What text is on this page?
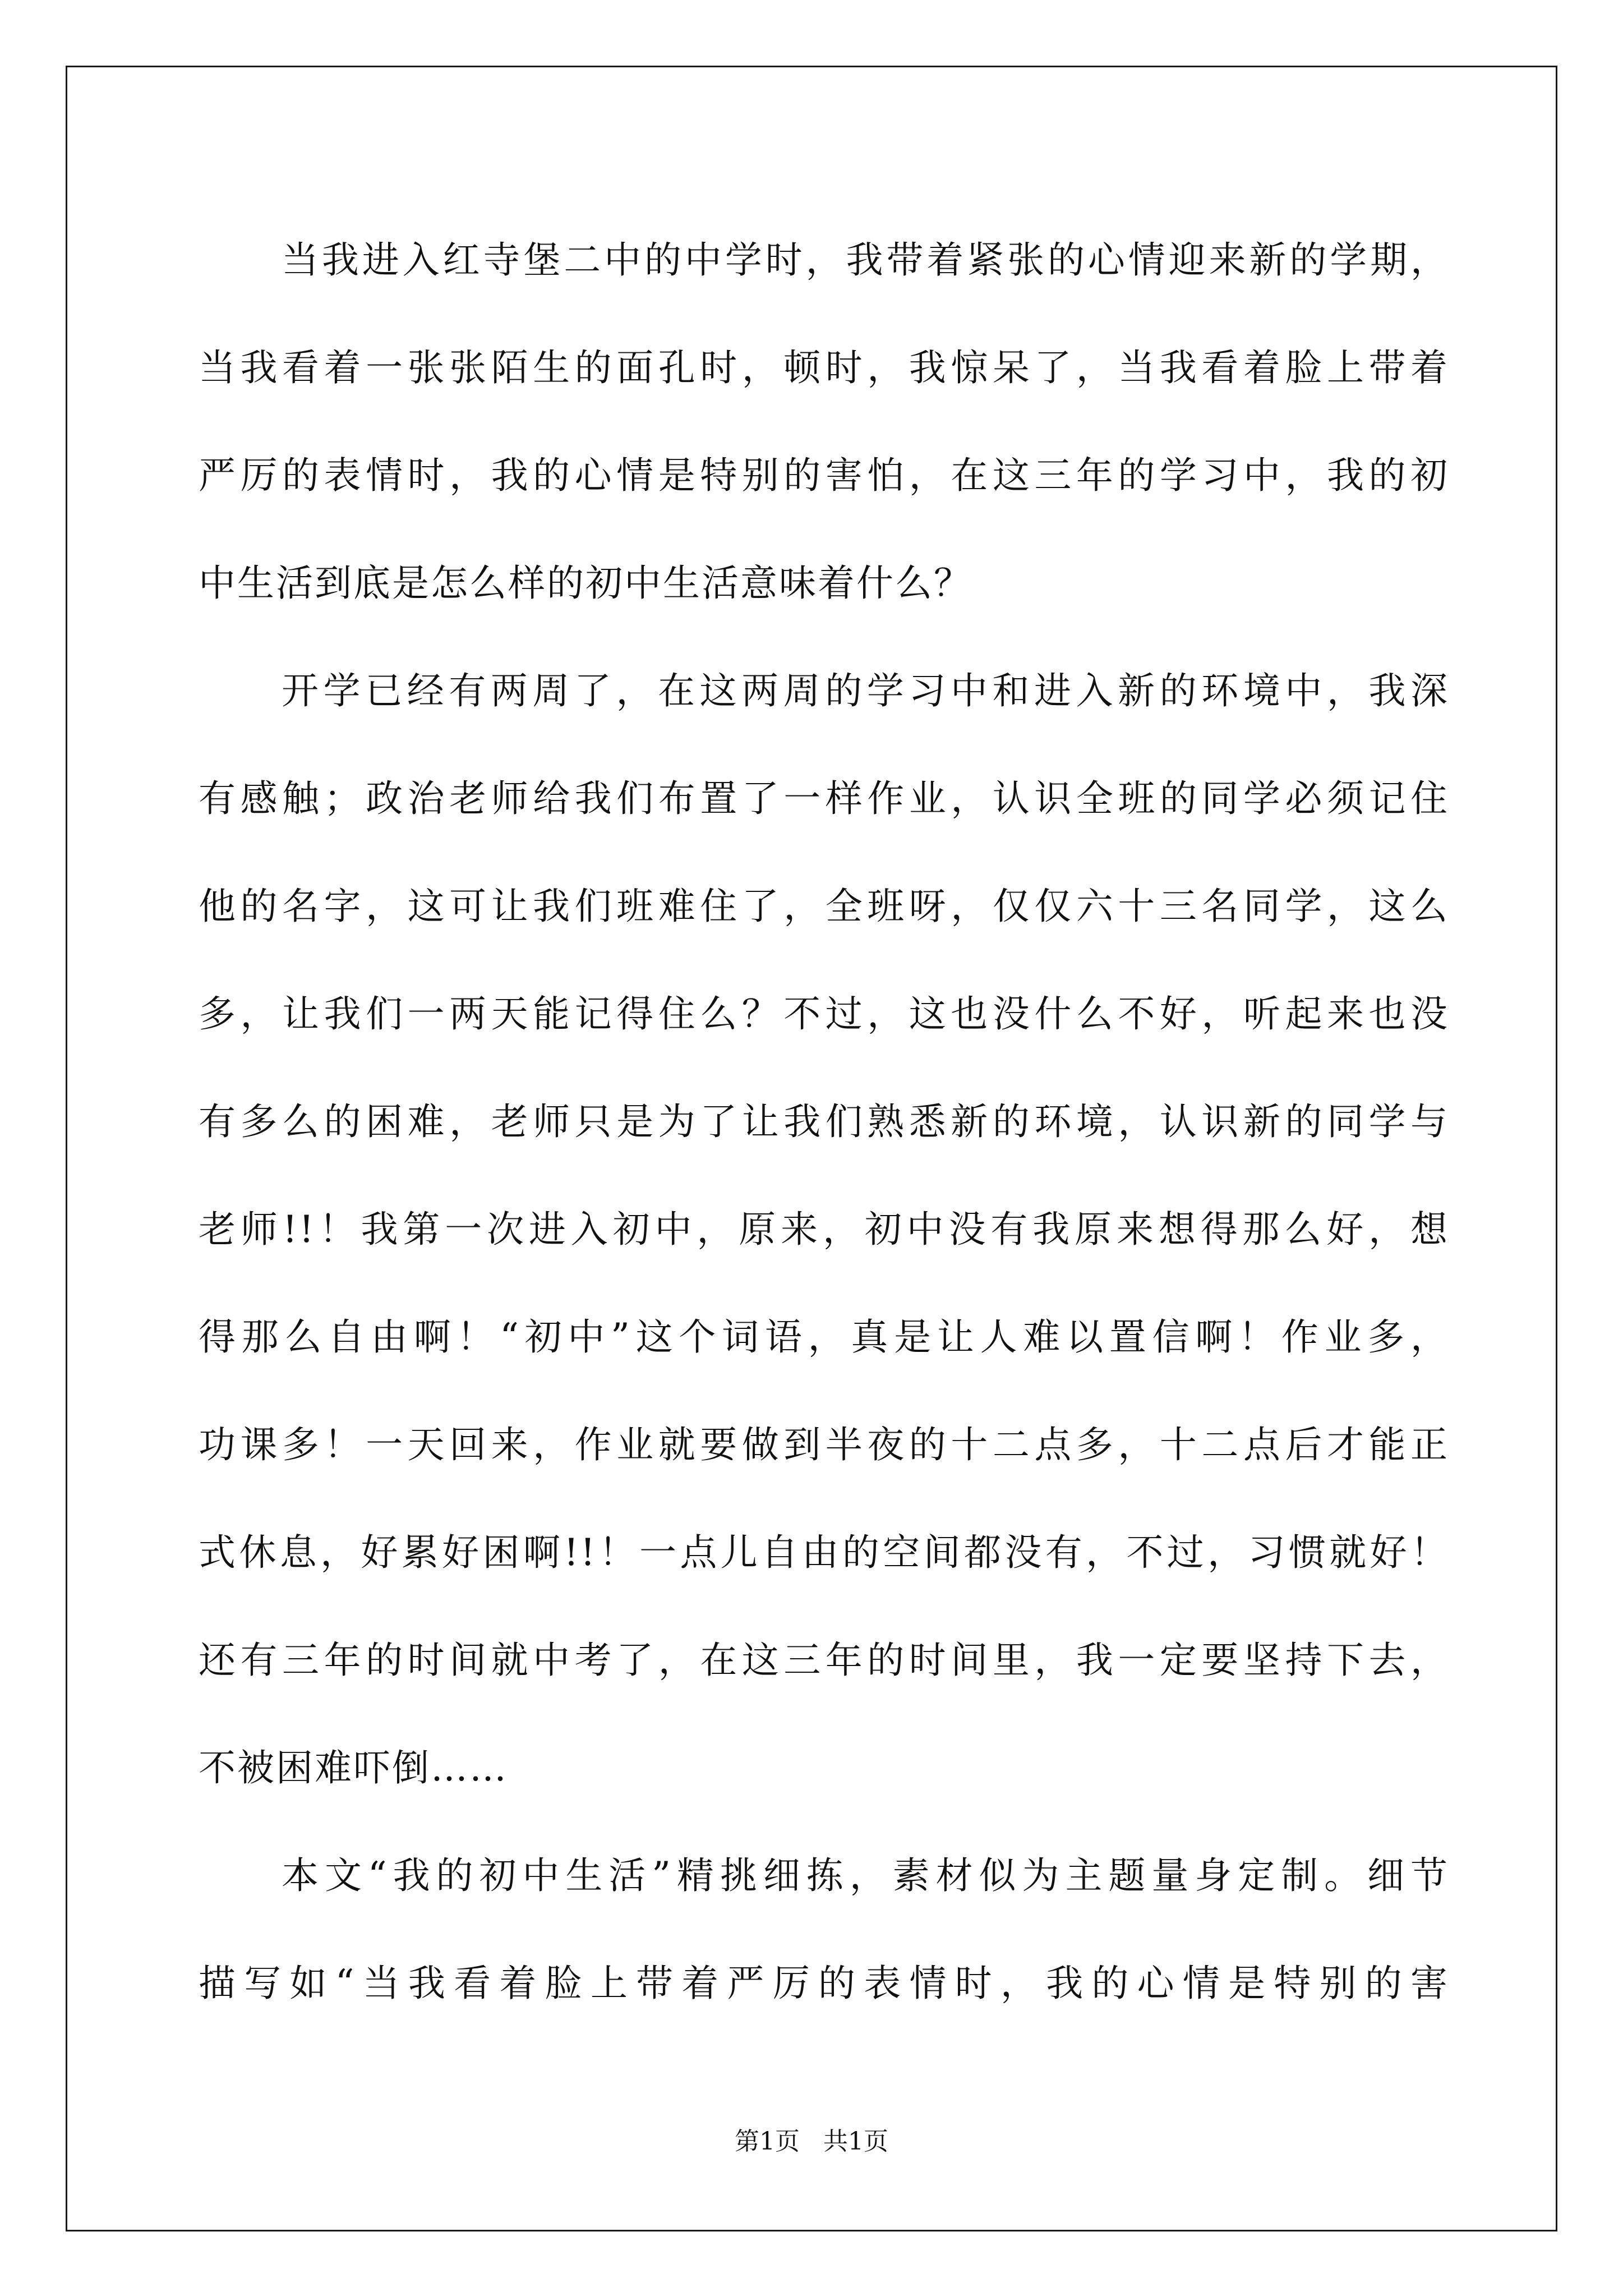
当我进入红寺堡二中的中学时，我带着紧张的心情迎来新的学期，
当我看着一张张陌生的面孔时，顿时，我惊呆了，当我看着脸上带着
严厉的表情时，我的心情是特别的害怕，在这三年的学习中，我的初
中生活到底是怎么样的初中生活意味着什么？
开学已经有两周了，在这两周的学习中和进入新的环境中，我深
有感触；政治老师给我们布置了一样作业，认识全班的同学必须记住
他的名字，这可让我们班难住了，全班呀，仅仅六十三名同学，这么
多，让我们一两天能记得住么？不过，这也没什么不好，听起来也没
有多么的困难，老师只是为了让我们熟悉新的环境，认识新的同学与
老师!!！我第一次进入初中，原来，初中没有我原来想得那么好，想
得那么自由啊！“初中”这个词语，真是让人难以置信啊！作业多，
功课多！一天回来，作业就要做到半夜的十二点多，十二点后才能正
式休息，好累好困啊!!！一点儿自由的空间都没有，不过，习惯就好！
还有三年的时间就中考了，在这三年的时间里，我一定要坚持下去，
不被困难吓倒……
本文“我的初中生活”精挑细拣，素材似为主题量身定制。细节
描写如“当我看着脸上带着严厉的表情时，我的心情是特别的害
第1页   共1页
